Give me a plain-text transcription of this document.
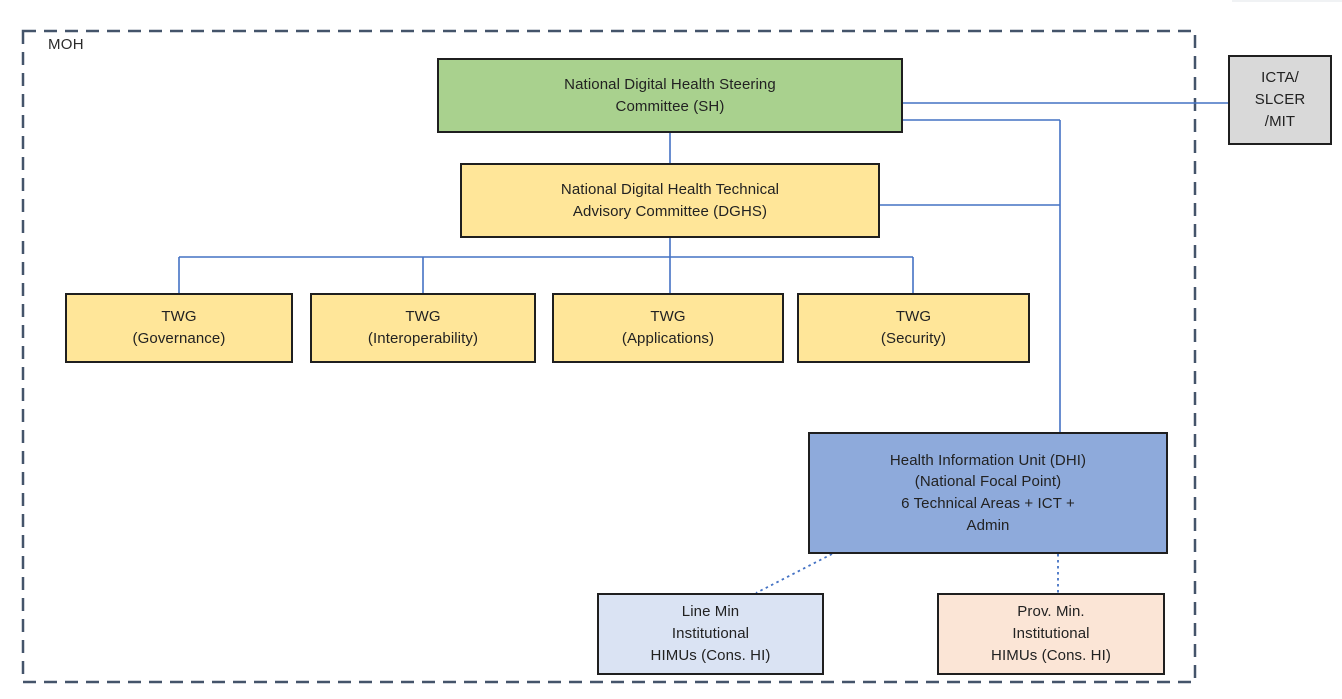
MOH
National Digital Health Steering
Committee (SH)
National Digital Health Technical
Advisory Committee (DGHS)
TWG
(Governance)
TWG
(Interoperability)
TWG
(Applications)
TWG
(Security)
Health Information Unit (DHI)
(National Focal Point)
6 Technical Areas + ICT +
Admin
Line Min
Institutional
HIMUs (Cons. HI)
Prov. Min.
Institutional
HIMUs (Cons. HI)
ICTA/
SLCER
/MIT
